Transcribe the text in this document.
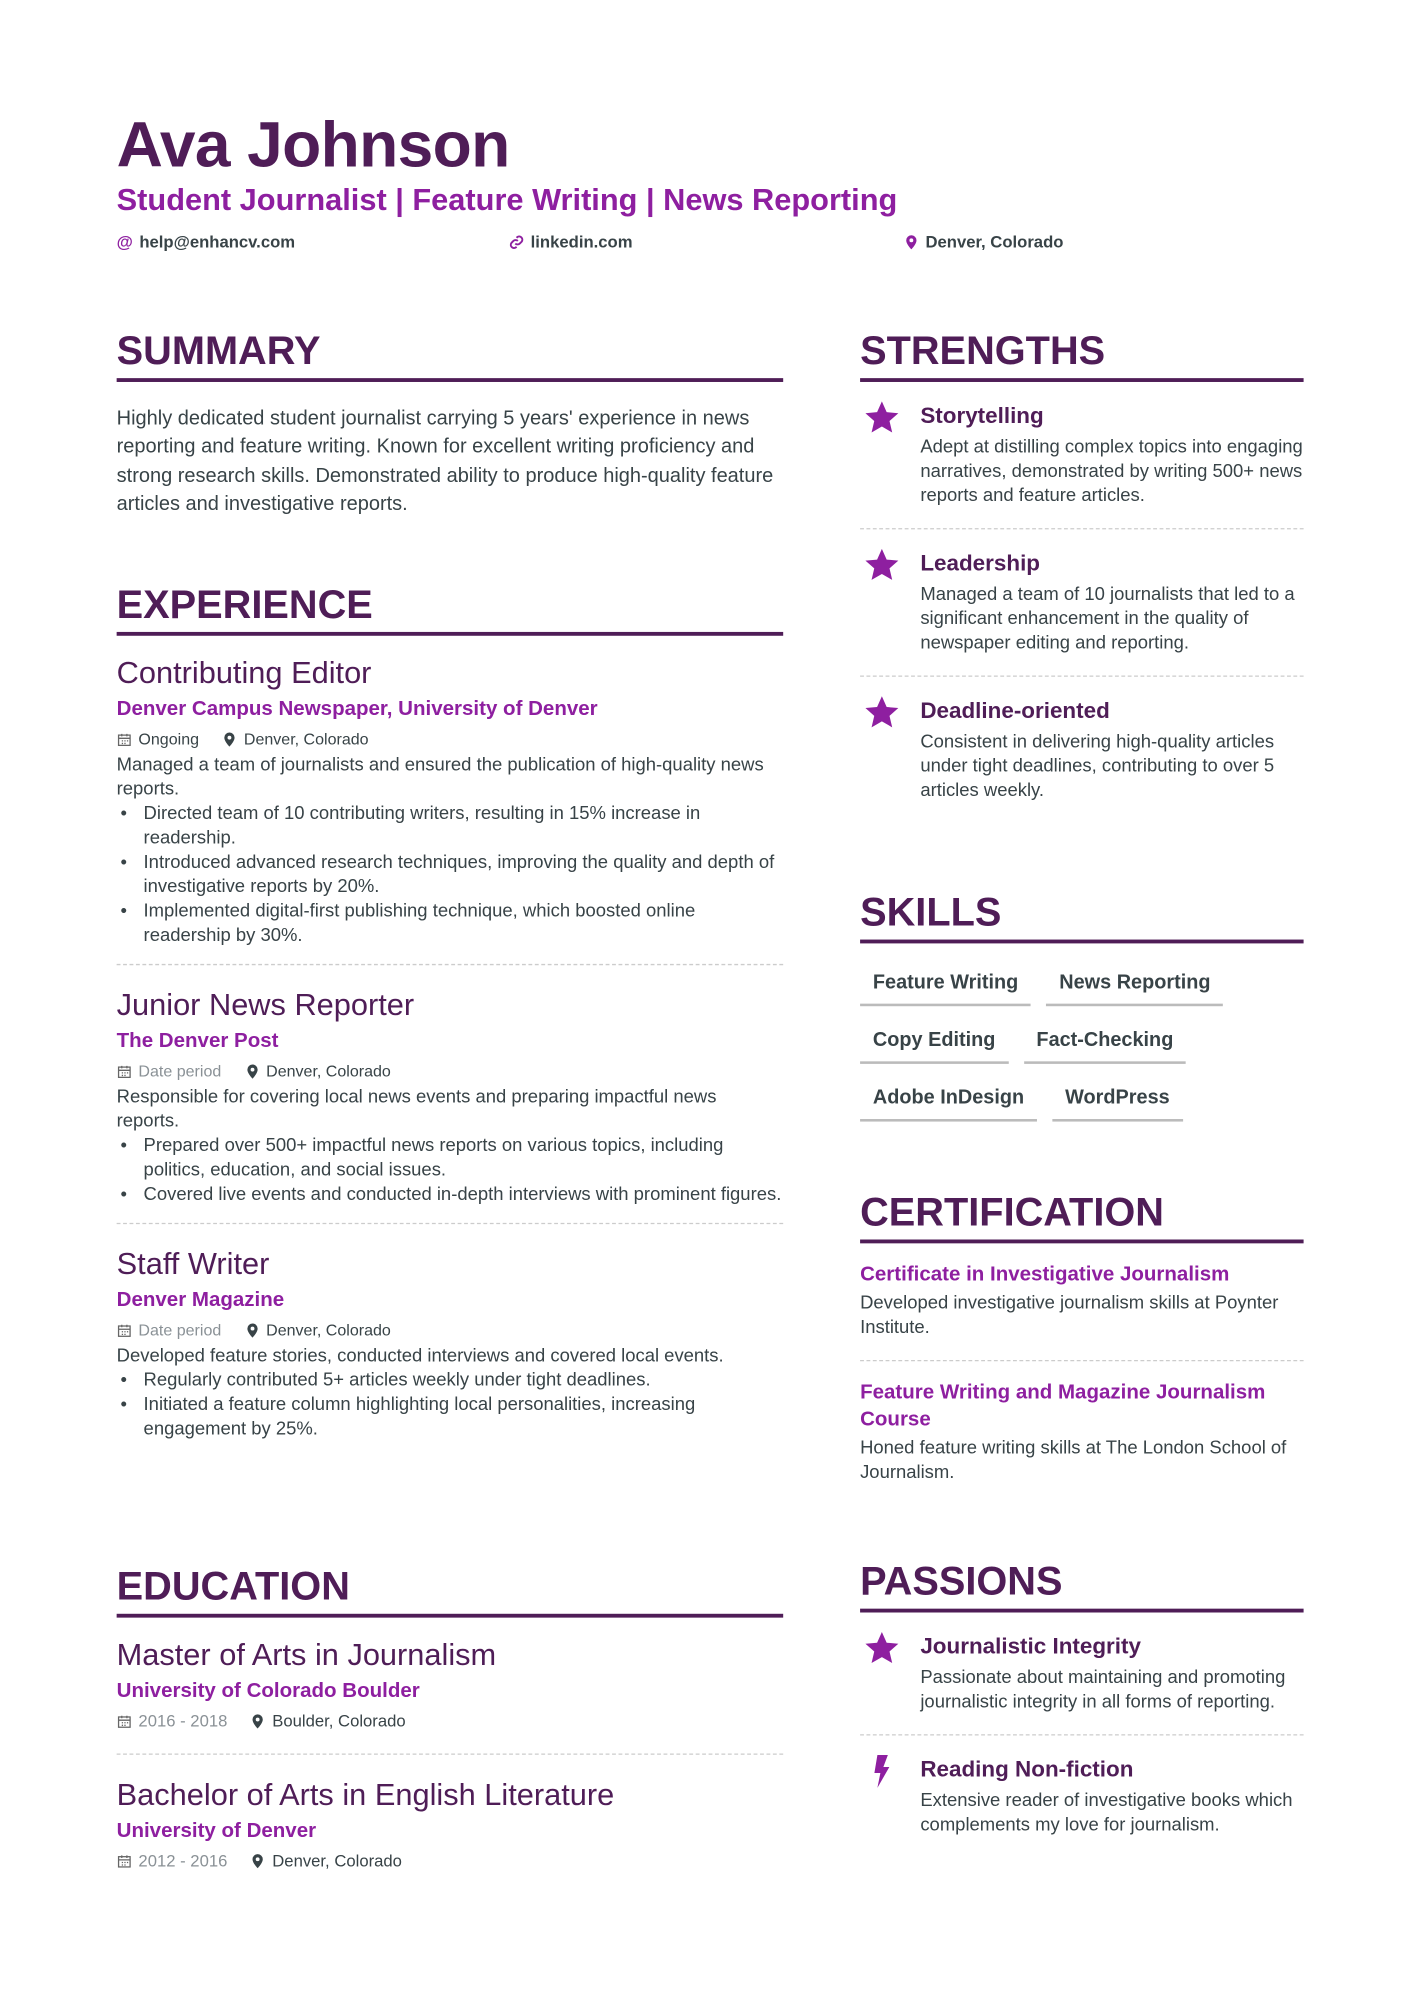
Ava Johnson
Student Journalist | Feature Writing | News Reporting
@ help@enhancv.com	linkedin.com	Denver, Colorado
SUMMARY
Highly dedicated student journalist carrying 5 years' experience in news reporting and feature writing. Known for excellent writing proficiency and strong research skills. Demonstrated ability to produce high-quality feature articles and investigative reports.
EXPERIENCE
Contributing Editor
Denver Campus Newspaper, University of Denver
Ongoing	Denver, Colorado
Managed a team of journalists and ensured the publication of high-quality news reports.
• Directed team of 10 contributing writers, resulting in 15% increase in readership.
• Introduced advanced research techniques, improving the quality and depth of investigative reports by 20%.
• Implemented digital-first publishing technique, which boosted online readership by 30%.
Junior News Reporter
The Denver Post
Date period	Denver, Colorado
Responsible for covering local news events and preparing impactful news reports.
• Prepared over 500+ impactful news reports on various topics, including politics, education, and social issues.
• Covered live events and conducted in-depth interviews with prominent figures.
Staff Writer
Denver Magazine
Date period	Denver, Colorado
Developed feature stories, conducted interviews and covered local events.
• Regularly contributed 5+ articles weekly under tight deadlines.
• Initiated a feature column highlighting local personalities, increasing engagement by 25%.
EDUCATION
Master of Arts in Journalism
University of Colorado Boulder
2016 - 2018	Boulder, Colorado
Bachelor of Arts in English Literature
University of Denver
2012 - 2016	Denver, Colorado
STRENGTHS
Storytelling
Adept at distilling complex topics into engaging narratives, demonstrated by writing 500+ news reports and feature articles.
Leadership
Managed a team of 10 journalists that led to a significant enhancement in the quality of newspaper editing and reporting.
Deadline-oriented
Consistent in delivering high-quality articles under tight deadlines, contributing to over 5 articles weekly.
SKILLS
Feature Writing	News Reporting
Copy Editing	Fact-Checking
Adobe InDesign	WordPress
CERTIFICATION
Certificate in Investigative Journalism
Developed investigative journalism skills at Poynter Institute.
Feature Writing and Magazine Journalism Course
Honed feature writing skills at The London School of Journalism.
PASSIONS
Journalistic Integrity
Passionate about maintaining and promoting journalistic integrity in all forms of reporting.
Reading Non-fiction
Extensive reader of investigative books which complements my love for journalism.
